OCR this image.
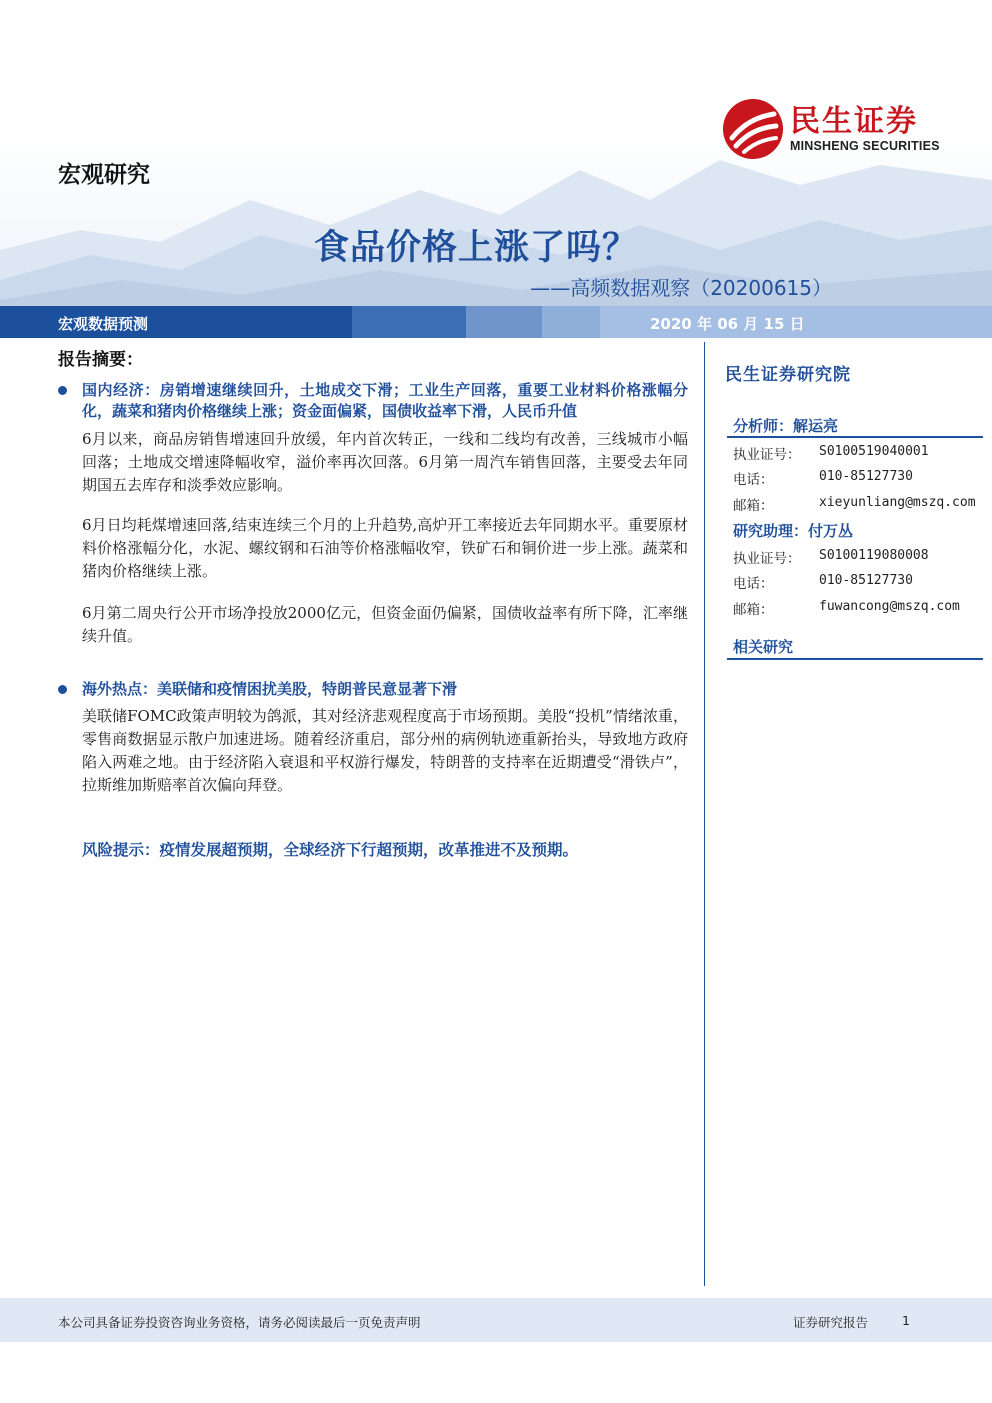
民生证券
MINSHENG SECURITIES
宏观研究
食品价格上涨了吗？
——高频数据观察（20200615）
宏观数据预测	2020 年 06 月 15 日
报告摘要：
国内经济：房销增速继续回升，土地成交下滑；工业生产回落，重要工业材料价格涨幅分化，蔬菜和猪肉价格继续上涨；资金面偏紧，国债收益率下滑，人民币升值
6月以来，商品房销售增速回升放缓，年内首次转正，一线和二线均有改善，三线城市小幅回落；土地成交增速降幅收窄，溢价率再次回落。6月第一周汽车销售回落，主要受去年同期国五去库存和淡季效应影响。
6月日均耗煤增速回落,结束连续三个月的上升趋势,高炉开工率接近去年同期水平。重要原材料价格涨幅分化，水泥、螺纹钢和石油等价格涨幅收窄，铁矿石和铜价进一步上涨。蔬菜和猪肉价格继续上涨。
6月第二周央行公开市场净投放2000亿元，但资金面仍偏紧，国债收益率有所下降，汇率继续升值。
海外热点：美联储和疫情困扰美股，特朗普民意显著下滑
美联储FOMC政策声明较为鸽派，其对经济悲观程度高于市场预期。美股“投机”情绪浓重，零售商数据显示散户加速进场。随着经济重启，部分州的病例轨迹重新抬头，导致地方政府陷入两难之地。由于经济陷入衰退和平权游行爆发，特朗普的支持率在近期遭受“滑铁卢”，拉斯维加斯赔率首次偏向拜登。
风险提示：疫情发展超预期，全球经济下行超预期，改革推进不及预期。
民生证券研究院
分析师：解运亮
执业证号： S0100519040001
电话：	010-85127730
邮箱：	xieyunliang@mszq.com
研究助理：付万丛
执业证号： S0100119080008
电话：	010-85127730
邮箱：	fuwancong@mszq.com
相关研究
本公司具备证券投资咨询业务资格，请务必阅读最后一页免责声明	证券研究报告	1
